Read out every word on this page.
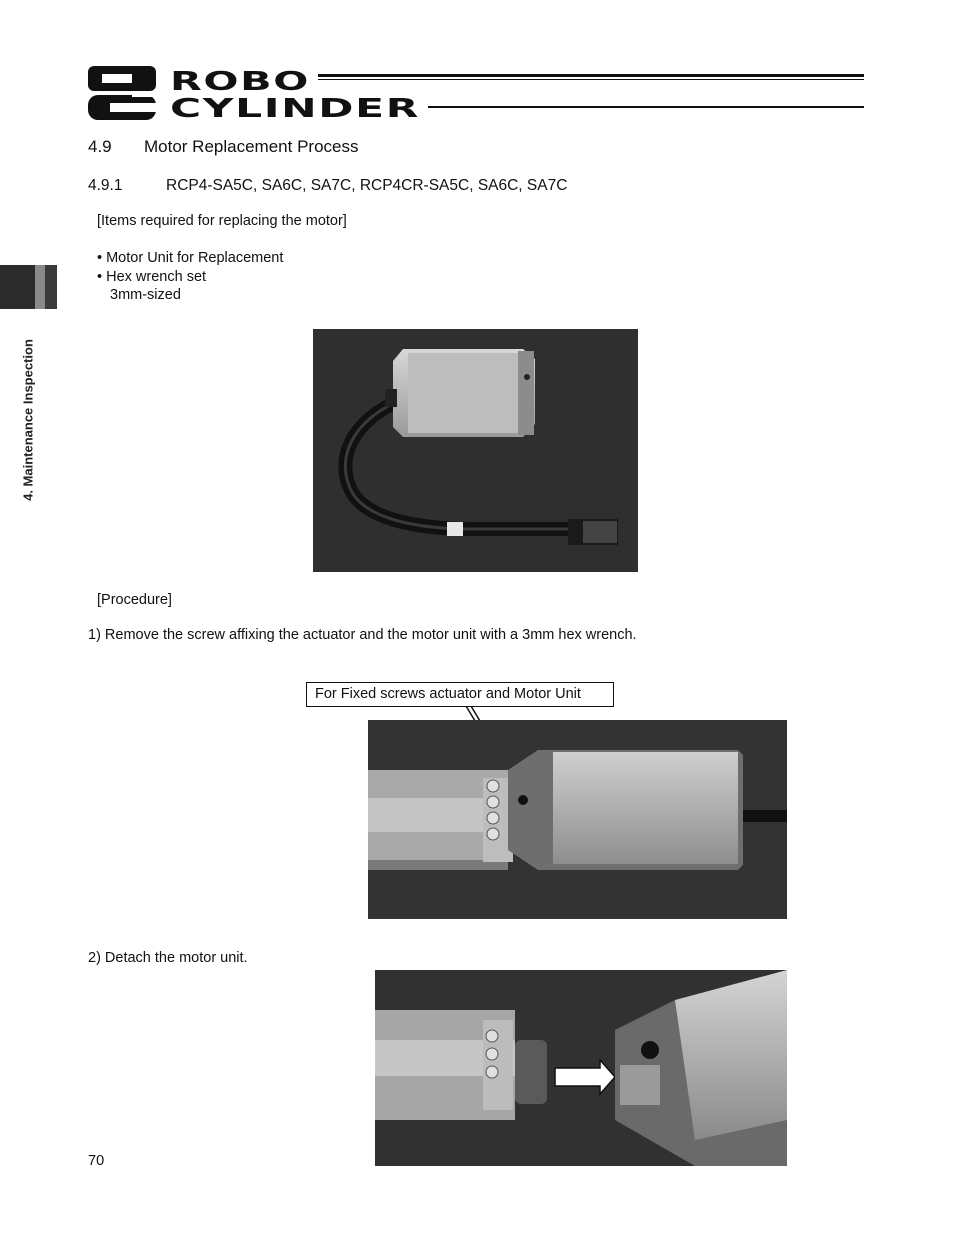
ROBO
CYLINDER
4. Maintenance Inspection
4.9 Motor Replacement Process
4.9.1	RCP4-SA5C, SA6C, SA7C, RCP4CR-SA5C, SA6C, SA7C
[Items required for replacing the motor]
• Motor Unit for Replacement
• Hex wrench set
3mm-sized
[Procedure]
1) Remove the screw affixing the actuator and the motor unit with a 3mm hex wrench.
For Fixed screws actuator and Motor Unit
2) Detach the motor unit.
70
